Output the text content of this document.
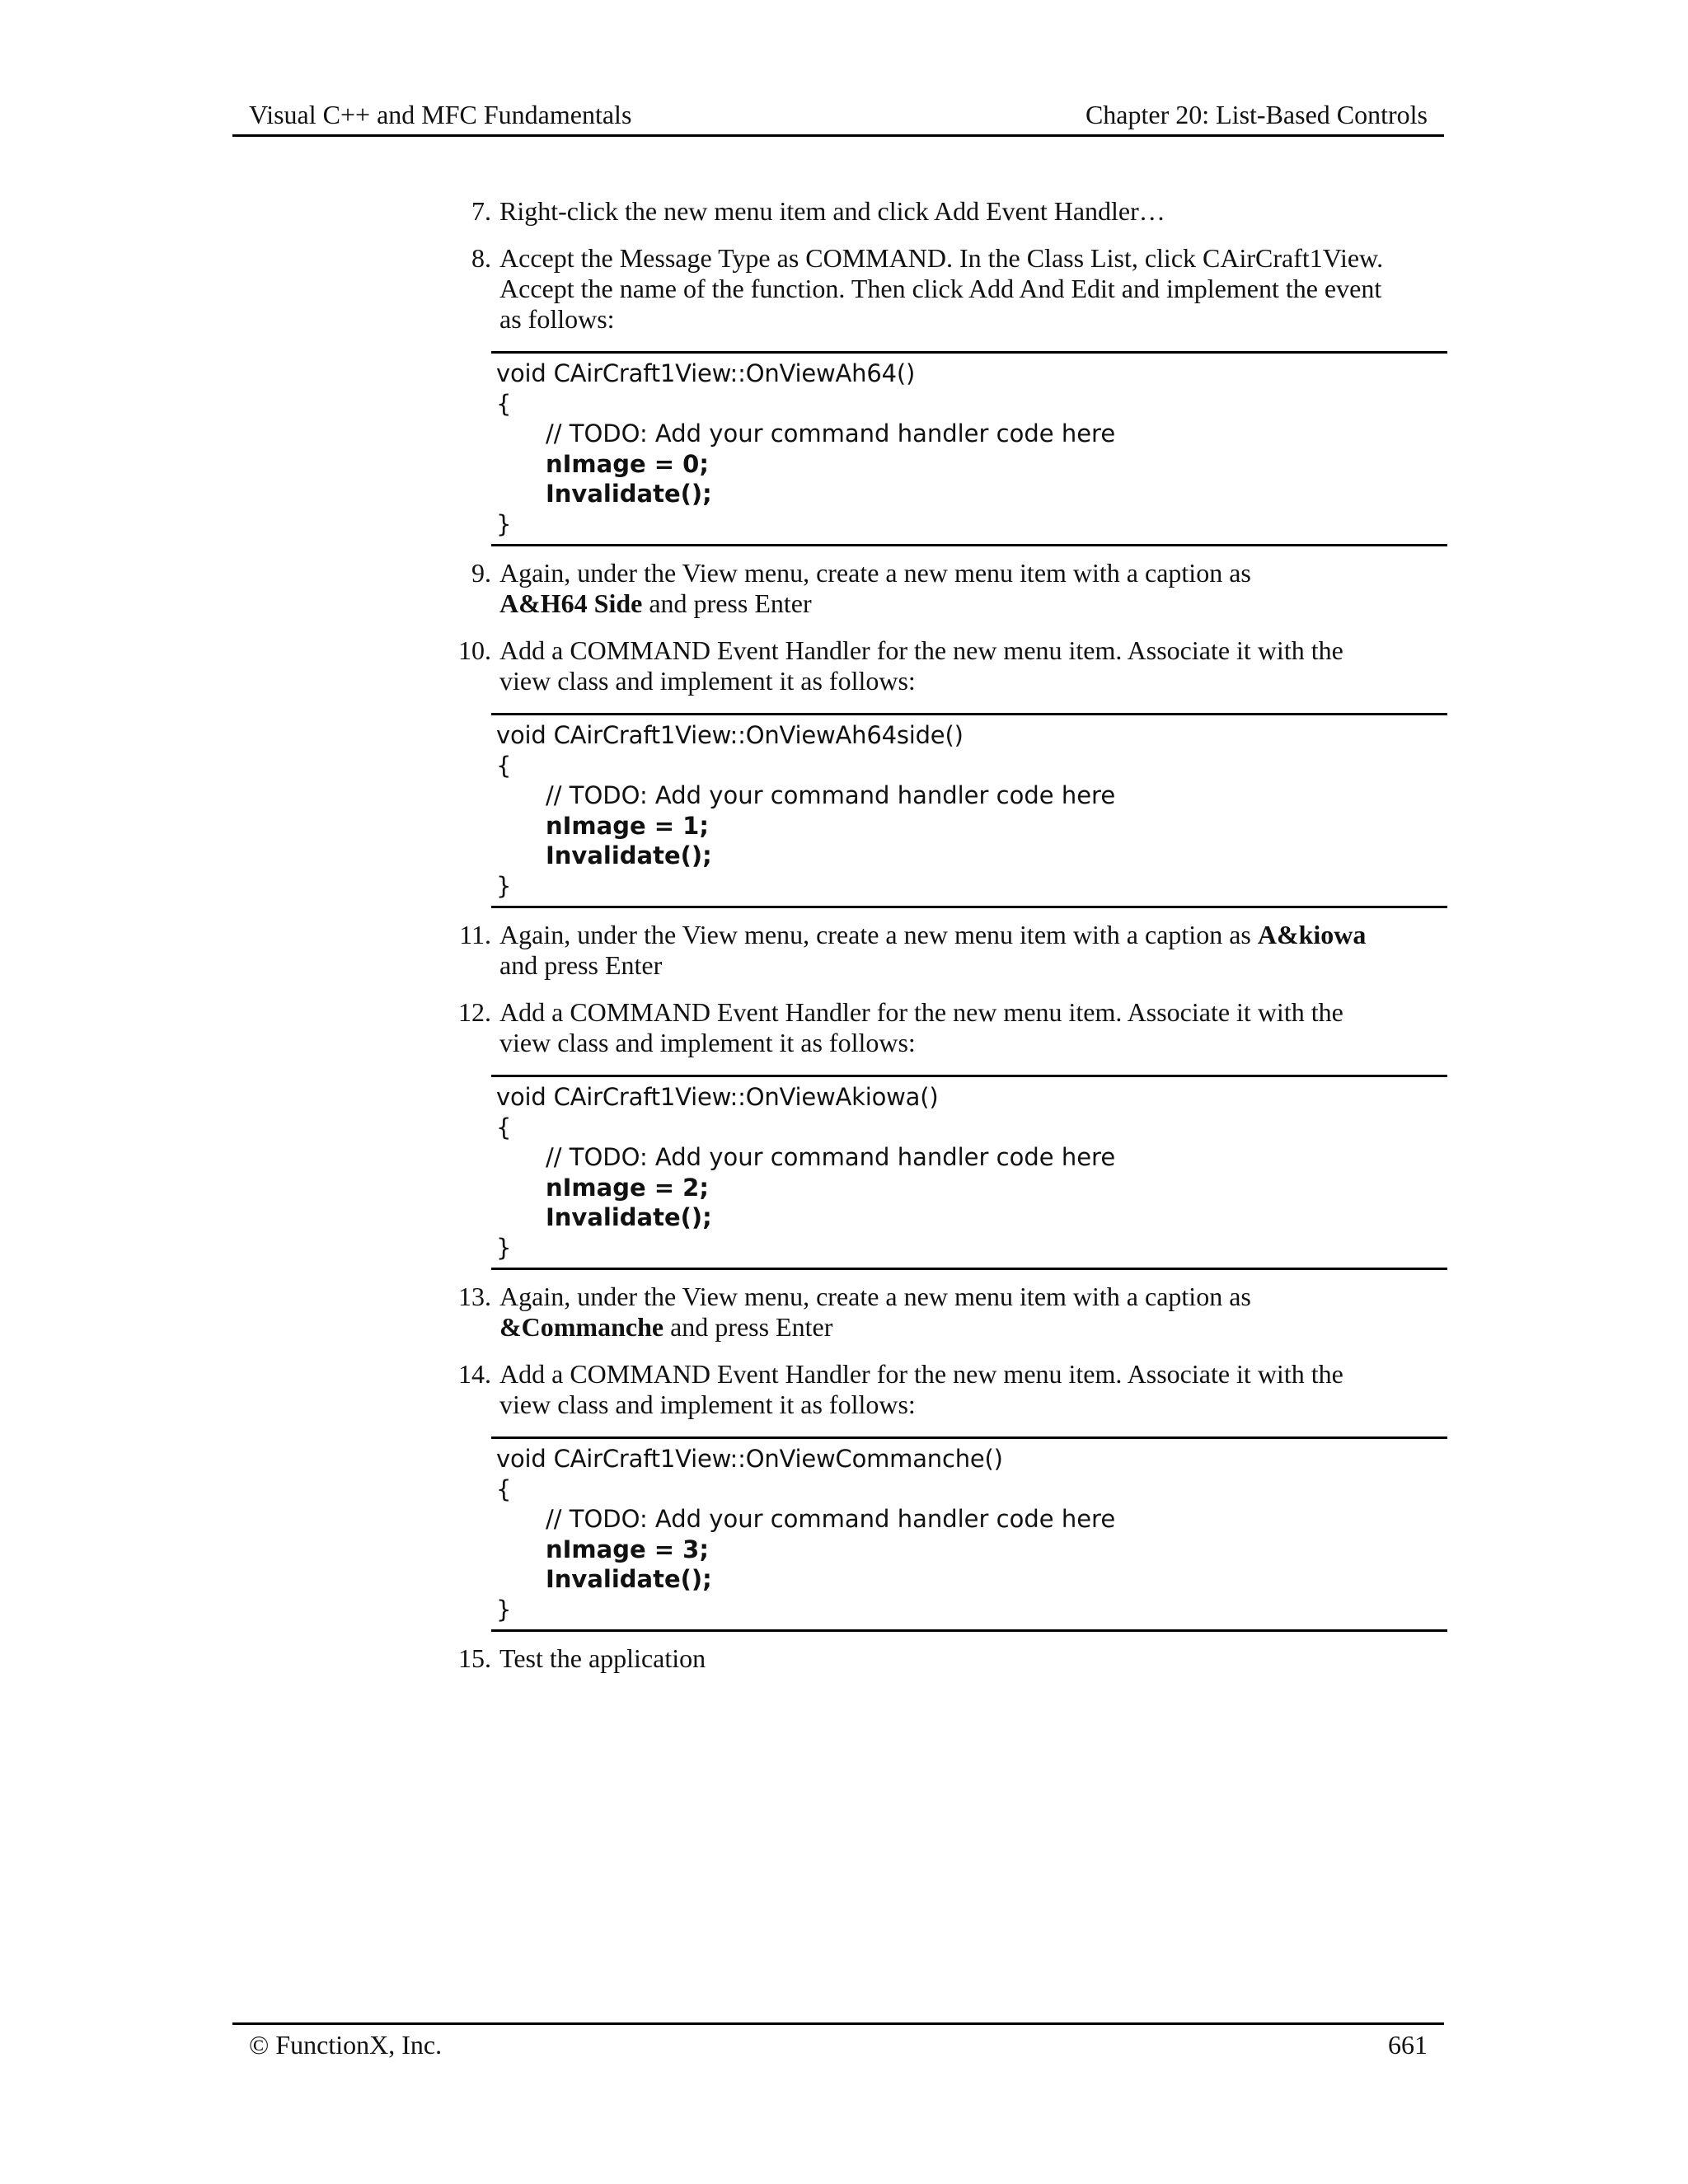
Visual C++ and MFC Fundamentals	Chapter 20: List-Based Controls
7. Right-click the new menu item and click Add Event Handler…
8. Accept the Message Type as COMMAND. In the Class List, click CAirCraft1View.
Accept the name of the function. Then click Add And Edit and implement the event
as follows:
void CAirCraft1View::OnViewAh64()
{
// TODO: Add your command handler code here
nImage = 0;
Invalidate();
}
9. Again, under the View menu, create a new menu item with a caption as
A&H64 Side and press Enter
10. Add a COMMAND Event Handler for the new menu item. Associate it with the
view class and implement it as follows:
void CAirCraft1View::OnViewAh64side()
{
// TODO: Add your command handler code here
nImage = 1;
Invalidate();
}
11. Again, under the View menu, create a new menu item with a caption as A&kiowa
and press Enter
12. Add a COMMAND Event Handler for the new menu item. Associate it with the
view class and implement it as follows:
void CAirCraft1View::OnViewAkiowa()
{
// TODO: Add your command handler code here
nImage = 2;
Invalidate();
}
13. Again, under the View menu, create a new menu item with a caption as
&Commanche and press Enter
14. Add a COMMAND Event Handler for the new menu item. Associate it with the
view class and implement it as follows:
void CAirCraft1View::OnViewCommanche()
{
// TODO: Add your command handler code here
nImage = 3;
Invalidate();
}
15. Test the application
© FunctionX, Inc.	661
